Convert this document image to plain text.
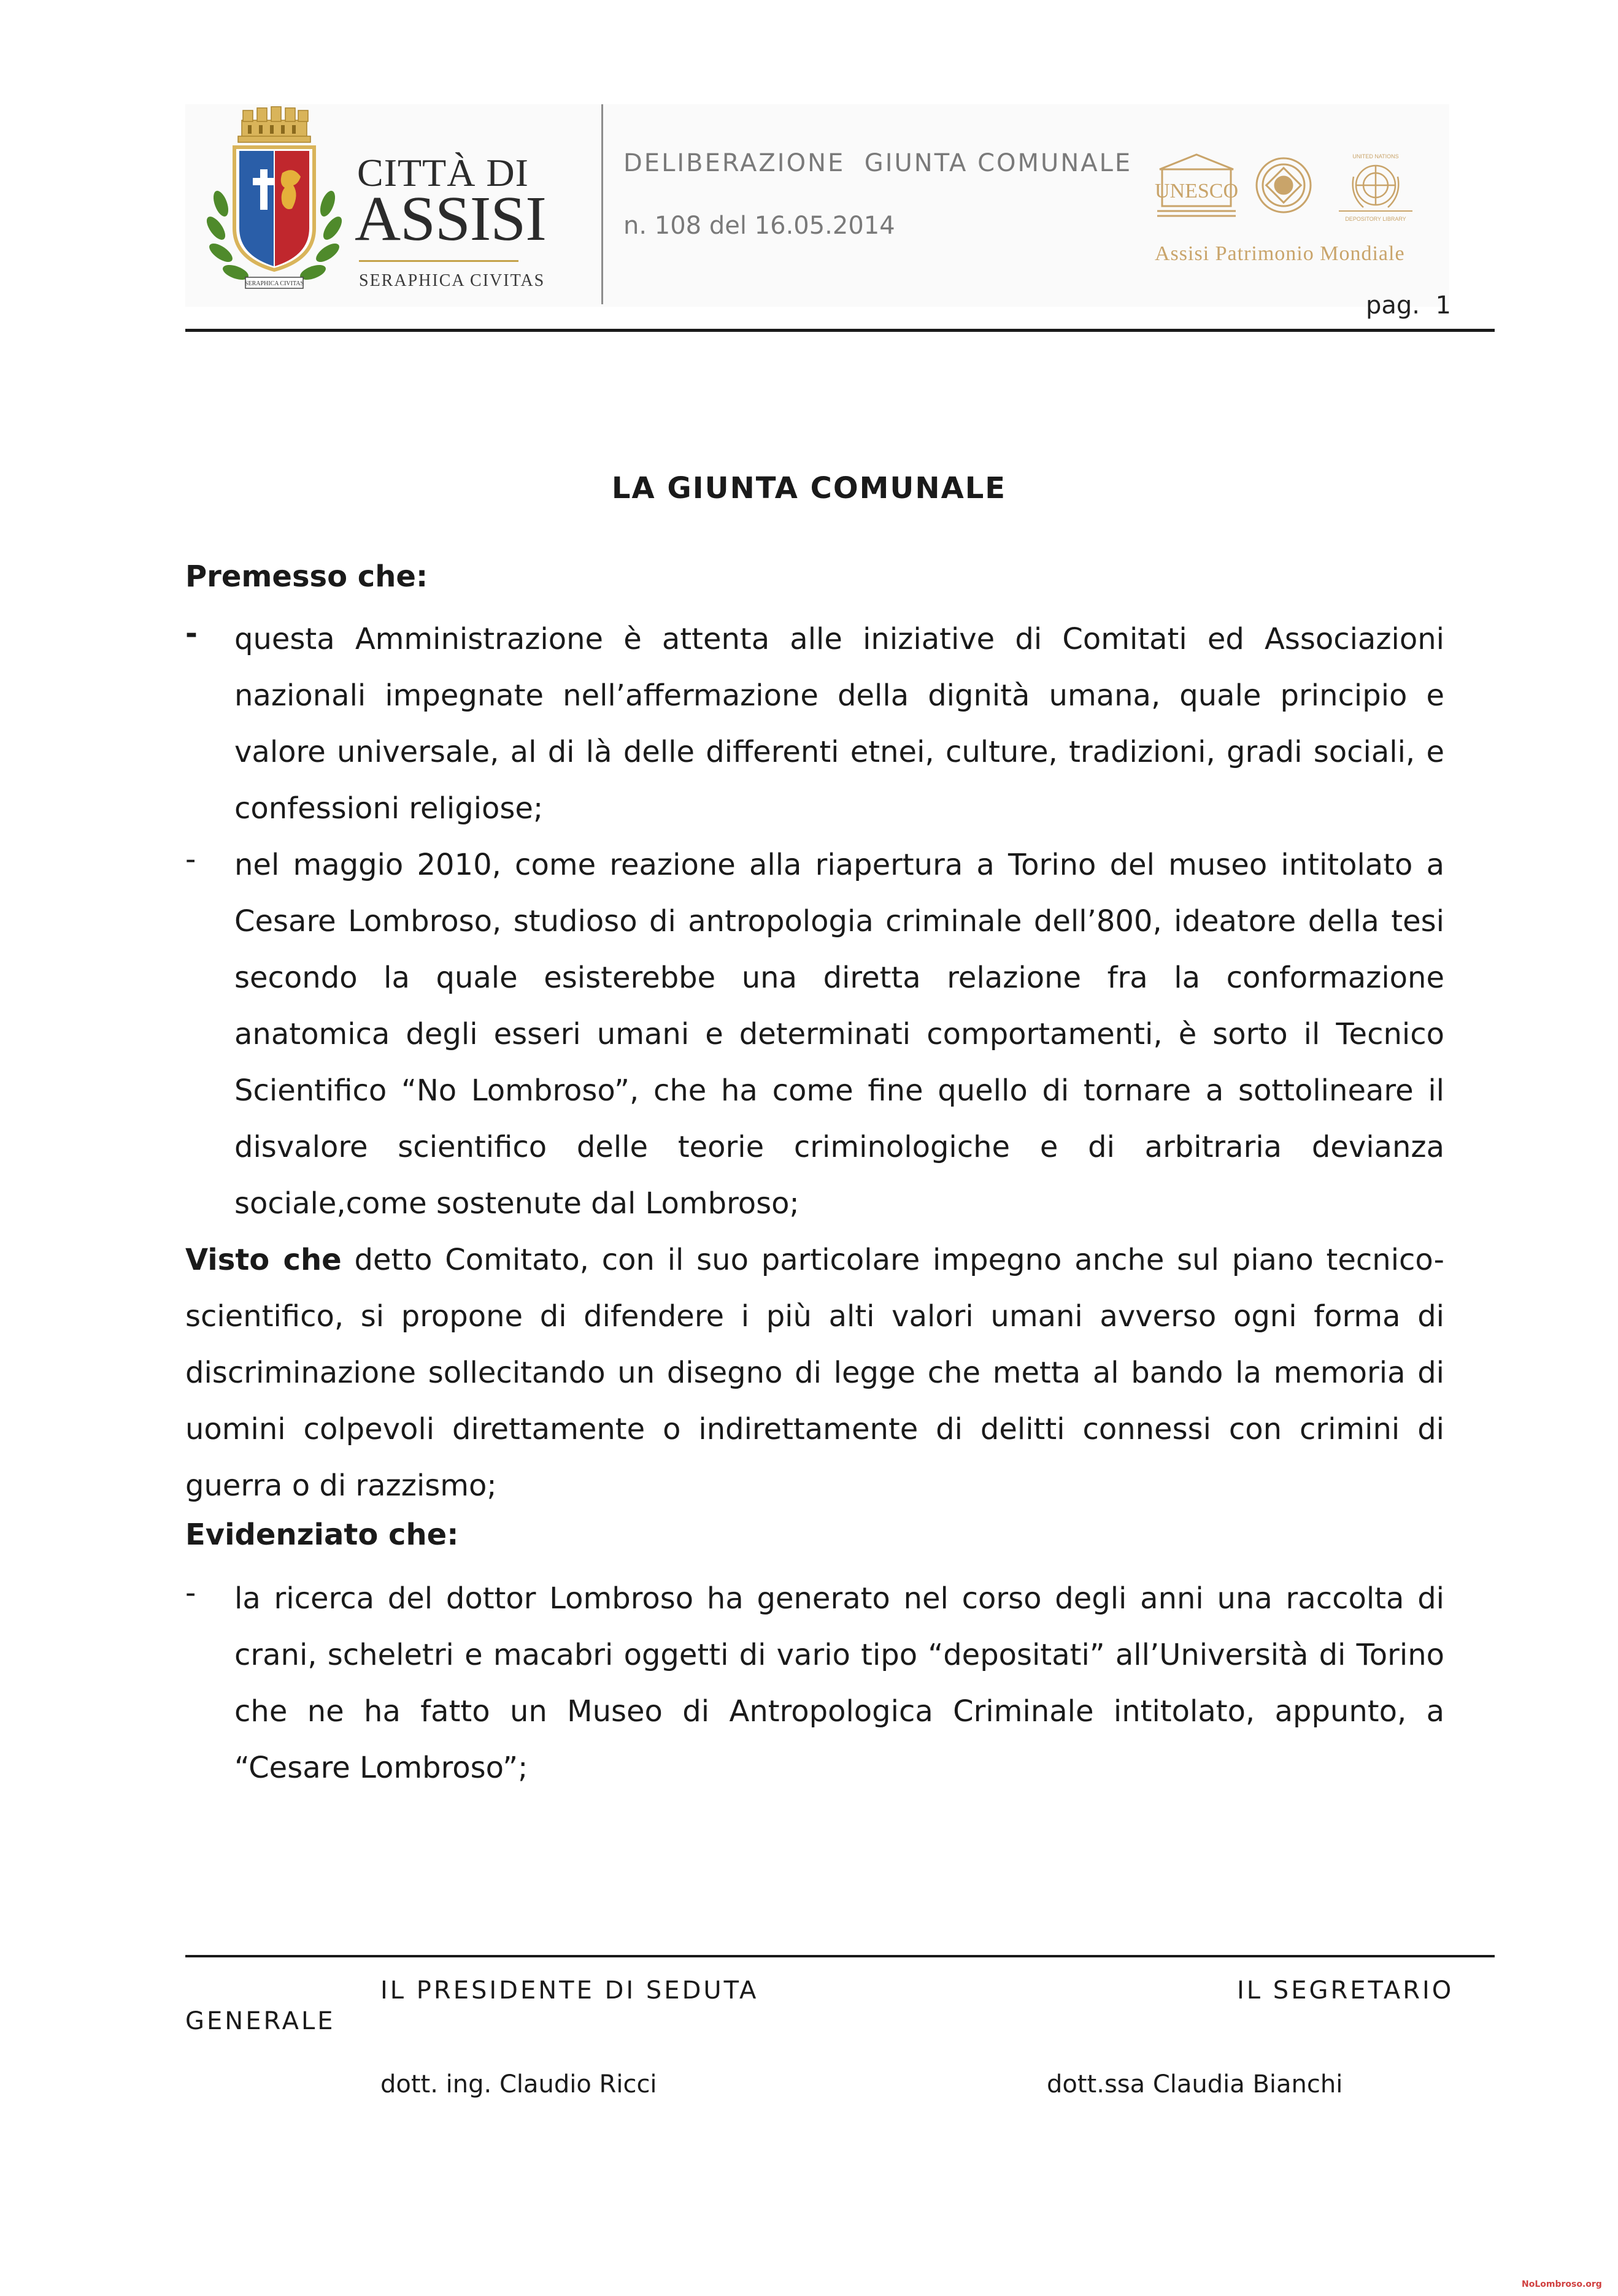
SERAPHICA CIVITAS
CITTÀ DI
ASSISI
SERAPHICA CIVITAS
DELIBERAZIONE  GIUNTA COMUNALE
n. 108 del 16.05.2014
UNESCO
UNITED NATIONS
DEPOSITORY LIBRARY
Assisi Patrimonio Mondiale
pag.  1
LA GIUNTA COMUNALE
Premesso che:
- questa Amministrazione è attenta alle iniziative di Comitati ed Associazioni nazionali impegnate nell’affermazione della dignità umana, quale principio e valore universale, al di là delle differenti etnei, culture, tradizioni, gradi sociali, e confessioni religiose;

- nel maggio 2010, come reazione alla riapertura a Torino del museo intitolato a Cesare Lombroso, studioso di antropologia criminale dell’800, ideatore della tesi secondo la quale esisterebbe una diretta relazione fra la conformazione anatomica degli esseri umani e determinati comportamenti, è sorto il Tecnico Scientifico “No Lombroso”, che ha come fine quello di tornare a sottolineare il disvalore scientifico delle teorie criminologiche e di arbitraria devianza sociale,come sostenute dal Lombroso;

Visto che detto Comitato, con il suo particolare impegno anche sul piano tecnico-scientifico, si propone di difendere i più alti valori umani avverso ogni forma di discriminazione sollecitando un disegno di legge che metta al bando la memoria di uomini colpevoli direttamente o indirettamente di delitti connessi con crimini di guerra o di razzismo;

Evidenziato che:
- la ricerca del dottor Lombroso ha generato nel corso degli anni una raccolta di crani, scheletri e macabri oggetti di vario tipo “depositati” all’Università di Torino che ne ha fatto un Museo di Antropologica Criminale intitolato, appunto, a “Cesare Lombroso”;

IL PRESIDENTE DI SEDUTA	IL SEGRETARIO
GENERALE
dott. ing. Claudio Ricci	dott.ssa Claudia Bianchi
NoLombroso.org
